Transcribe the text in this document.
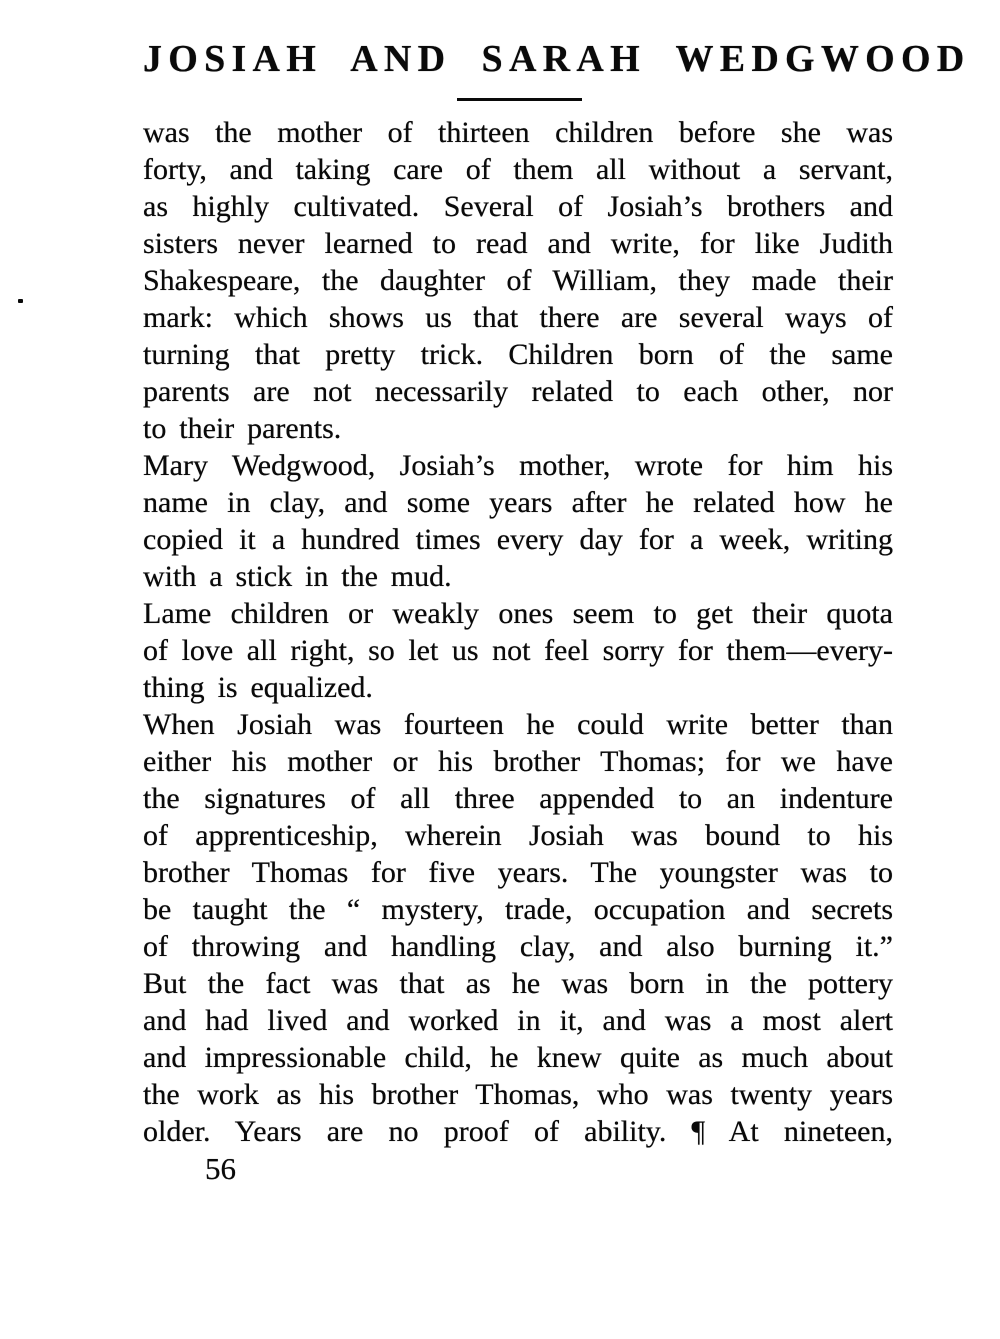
JOSIAH AND SARAH WEDGWOOD
was the mother of thirteen children before she was
forty, and taking care of them all without a servant,
as highly cultivated. Several of Josiah’s brothers and
sisters never learned to read and write, for like Judith
Shakespeare, the daughter of William, they made their
mark: which shows us that there are several ways of
turning that pretty trick. Children born of the same
parents are not necessarily related to each other, nor
to their parents.
Mary Wedgwood, Josiah’s mother, wrote for him his
name in clay, and some years after he related how he
copied it a hundred times every day for a week, writing
with a stick in the mud.
Lame children or weakly ones seem to get their quota
of love all right, so let us not feel sorry for them—every-
thing is equalized.
When Josiah was fourteen he could write better than
either his mother or his brother Thomas; for we have
the signatures of all three appended to an indenture
of apprenticeship, wherein Josiah was bound to his
brother Thomas for five years. The youngster was to
be taught the “ mystery, trade, occupation and secrets
of throwing and handling clay, and also burning it.”
But the fact was that as he was born in the pottery
and had lived and worked in it, and was a most alert
and impressionable child, he knew quite as much about
the work as his brother Thomas, who was twenty years
older. Years are no proof of ability. ¶ At nineteen,
56
